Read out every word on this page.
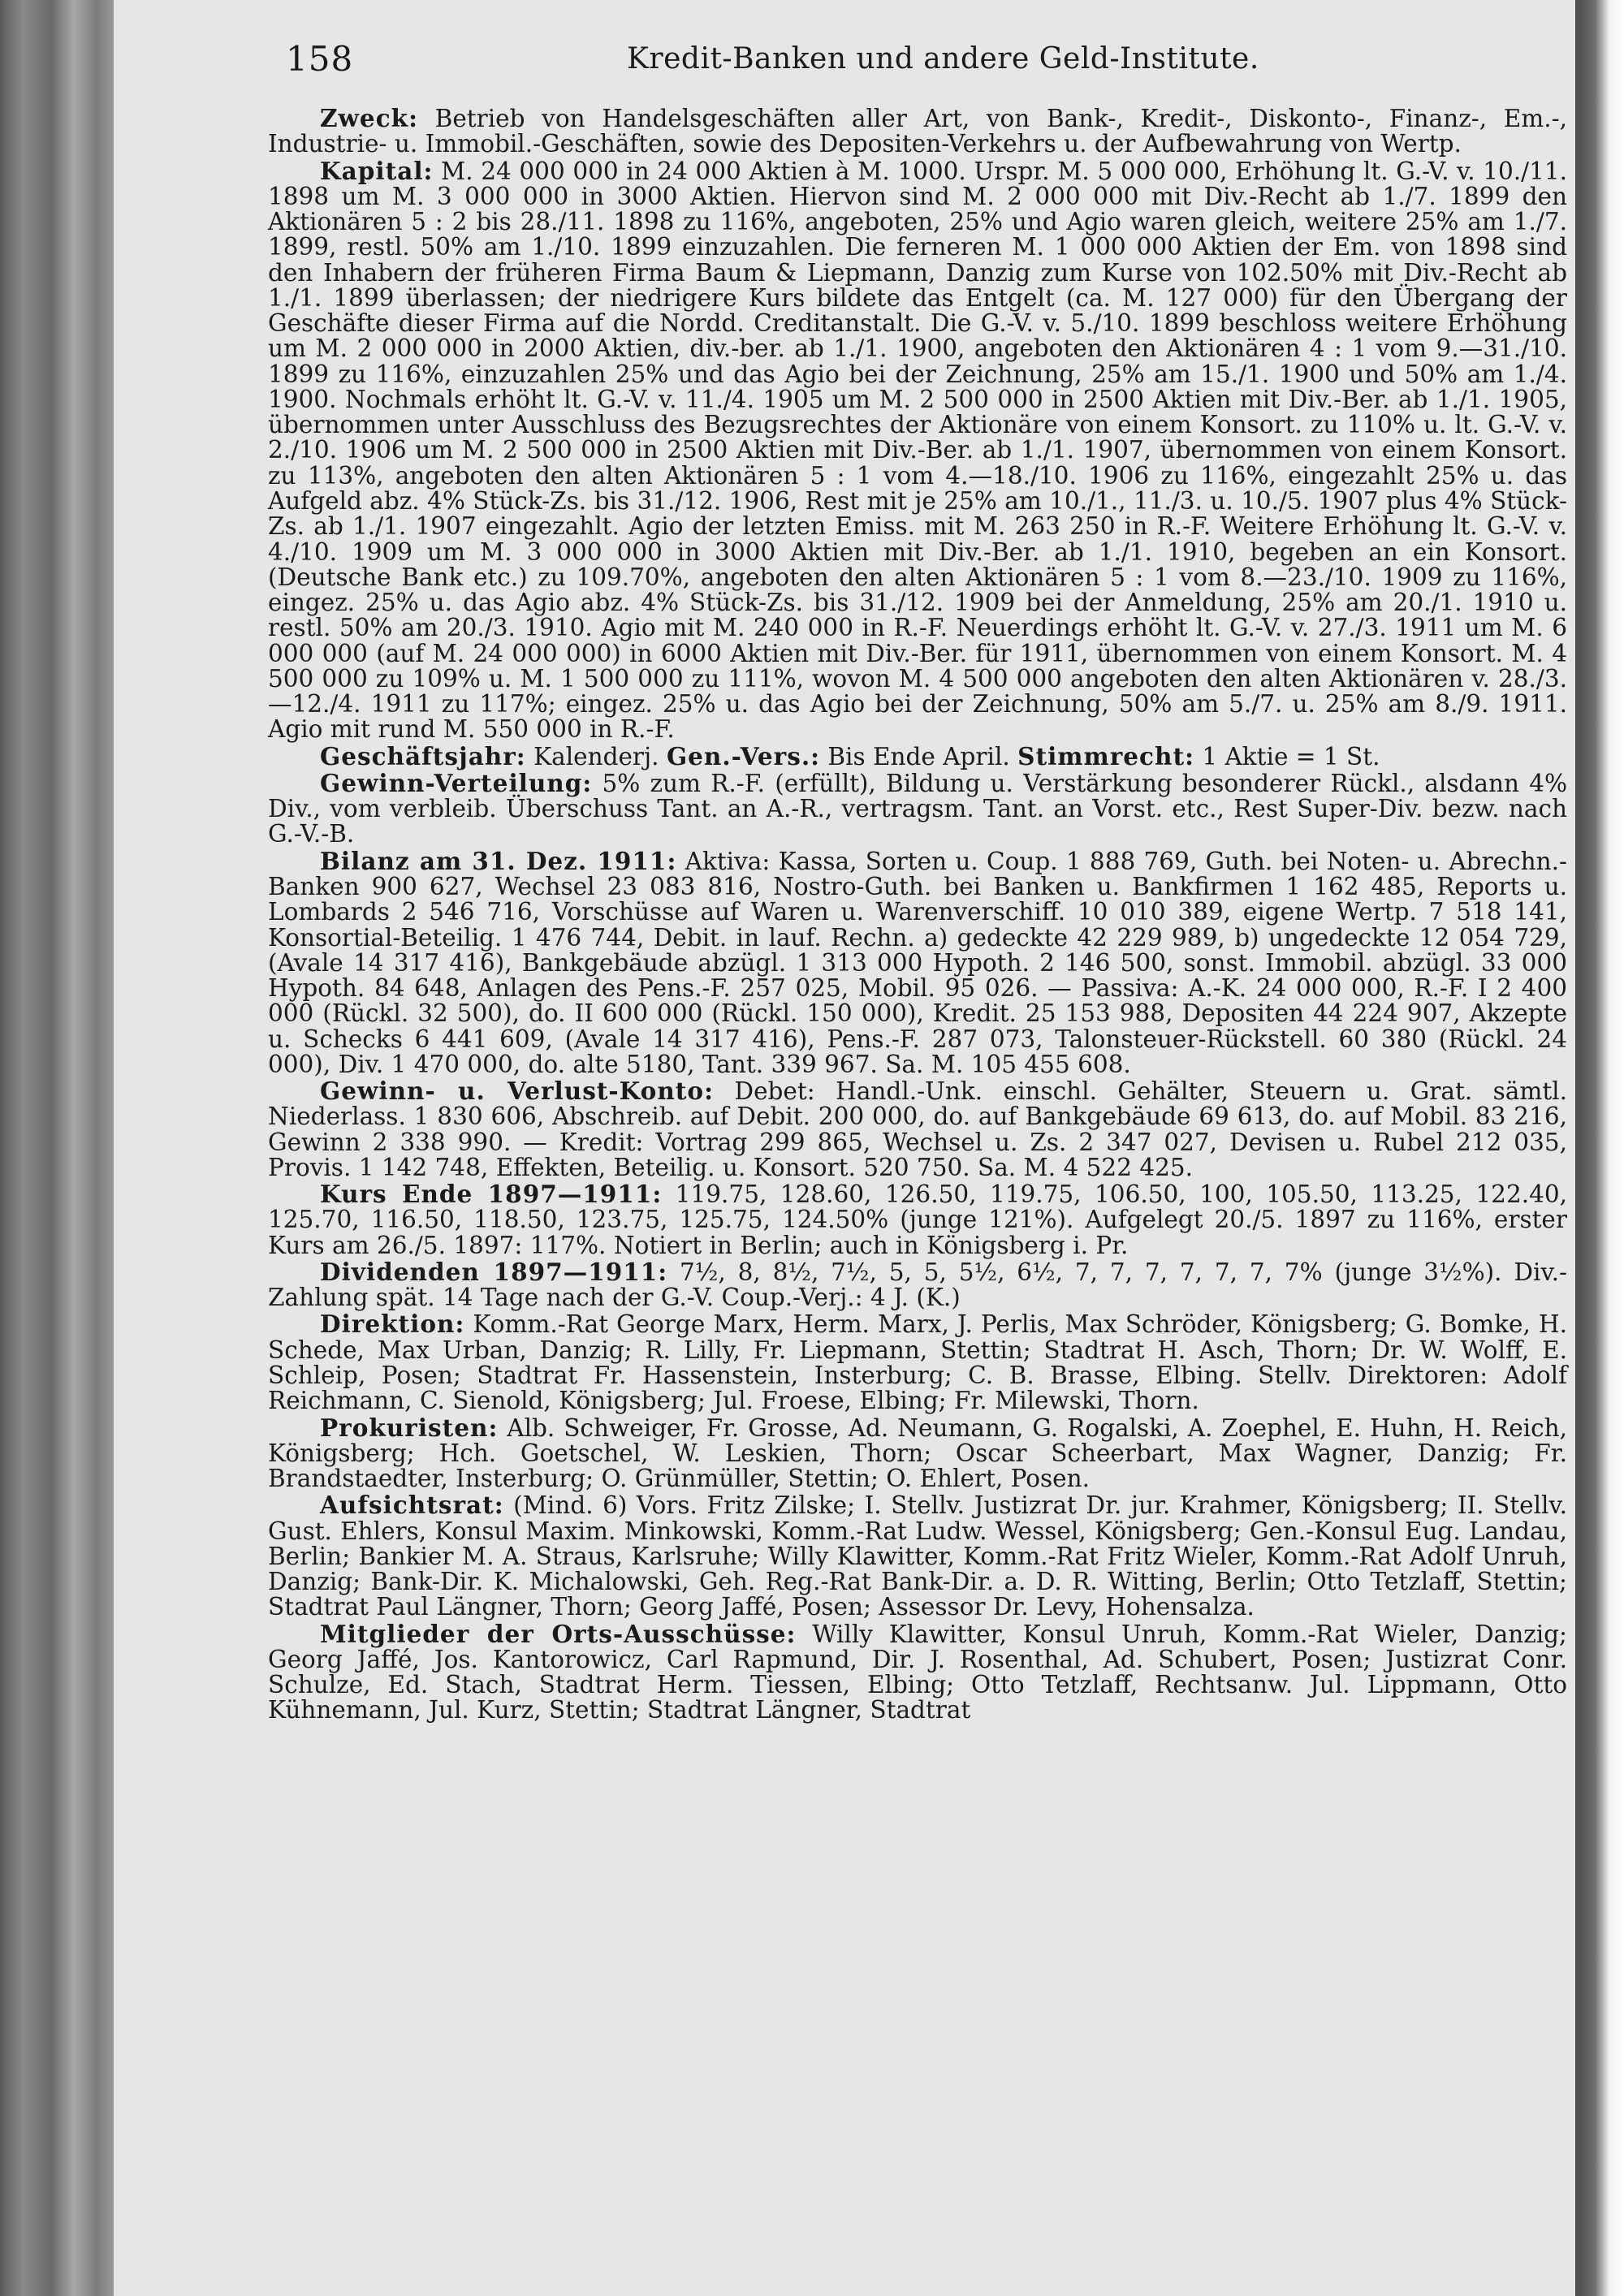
158	Kredit-Banken und andere Geld-Institute.

Zweck: Betrieb von Handelsgeschäften aller Art, von Bank-, Kredit-, Diskonto-, Finanz-, Em.-, Industrie- u. Immobil.-Geschäften, sowie des Depositen-Verkehrs u. der Aufbewahrung von Wertp.

Kapital: M. 24 000 000 in 24 000 Aktien à M. 1000. Urspr. M. 5 000 000, Erhöhung lt. G.-V. v. 10./11. 1898 um M. 3 000 000 in 3000 Aktien. Hiervon sind M. 2 000 000 mit Div.-Recht ab 1./7. 1899 den Aktionären 5 : 2 bis 28./11. 1898 zu 116%, angeboten, 25% und Agio waren gleich, weitere 25% am 1./7. 1899, restl. 50% am 1./10. 1899 einzuzahlen. Die ferneren M. 1 000 000 Aktien der Em. von 1898 sind den Inhabern der früheren Firma Baum & Liepmann, Danzig zum Kurse von 102.50% mit Div.-Recht ab 1./1. 1899 überlassen; der niedrigere Kurs bildete das Entgelt (ca. M. 127 000) für den Übergang der Geschäfte dieser Firma auf die Nordd. Creditanstalt. Die G.-V. v. 5./10. 1899 beschloss weitere Erhöhung um M. 2 000 000 in 2000 Aktien, div.-ber. ab 1./1. 1900, angeboten den Aktionären 4 : 1 vom 9.—31./10. 1899 zu 116%, einzuzahlen 25% und das Agio bei der Zeichnung, 25% am 15./1. 1900 und 50% am 1./4. 1900. Nochmals erhöht lt. G.-V. v. 11./4. 1905 um M. 2 500 000 in 2500 Aktien mit Div.-Ber. ab 1./1. 1905, übernommen unter Ausschluss des Bezugsrechtes der Aktionäre von einem Konsort. zu 110% u. lt. G.-V. v. 2./10. 1906 um M. 2 500 000 in 2500 Aktien mit Div.-Ber. ab 1./1. 1907, übernommen von einem Konsort. zu 113%, angeboten den alten Aktionären 5 : 1 vom 4.—18./10. 1906 zu 116%, eingezahlt 25% u. das Aufgeld abz. 4% Stück-Zs. bis 31./12. 1906, Rest mit je 25% am 10./1., 11./3. u. 10./5. 1907 plus 4% Stück-Zs. ab 1./1. 1907 eingezahlt. Agio der letzten Emiss. mit M. 263 250 in R.-F. Weitere Erhöhung lt. G.-V. v. 4./10. 1909 um M. 3 000 000 in 3000 Aktien mit Div.-Ber. ab 1./1. 1910, begeben an ein Konsort. (Deutsche Bank etc.) zu 109.70%, angeboten den alten Aktionären 5 : 1 vom 8.—23./10. 1909 zu 116%, eingez. 25% u. das Agio abz. 4% Stück-Zs. bis 31./12. 1909 bei der Anmeldung, 25% am 20./1. 1910 u. restl. 50% am 20./3. 1910. Agio mit M. 240 000 in R.-F. Neuerdings erhöht lt. G.-V. v. 27./3. 1911 um M. 6 000 000 (auf M. 24 000 000) in 6000 Aktien mit Div.-Ber. für 1911, übernommen von einem Konsort. M. 4 500 000 zu 109% u. M. 1 500 000 zu 111%, wovon M. 4 500 000 angeboten den alten Aktionären v. 28./3.—12./4. 1911 zu 117%; eingez. 25% u. das Agio bei der Zeichnung, 50% am 5./7. u. 25% am 8./9. 1911. Agio mit rund M. 550 000 in R.-F.

Geschäftsjahr: Kalenderj. Gen.-Vers.: Bis Ende April. Stimmrecht: 1 Aktie = 1 St.

Gewinn-Verteilung: 5% zum R.-F. (erfüllt), Bildung u. Verstärkung besonderer Rückl., alsdann 4% Div., vom verbleib. Überschuss Tant. an A.-R., vertragsm. Tant. an Vorst. etc., Rest Super-Div. bezw. nach G.-V.-B.

Bilanz am 31. Dez. 1911: Aktiva: Kassa, Sorten u. Coup. 1 888 769, Guth. bei Noten- u. Abrechn.-Banken 900 627, Wechsel 23 083 816, Nostro-Guth. bei Banken u. Bankfirmen 1 162 485, Reports u. Lombards 2 546 716, Vorschüsse auf Waren u. Warenverschiff. 10 010 389, eigene Wertp. 7 518 141, Konsortial-Beteilig. 1 476 744, Debit. in lauf. Rechn. a) gedeckte 42 229 989, b) ungedeckte 12 054 729, (Avale 14 317 416), Bankgebäude abzügl. 1 313 000 Hypoth. 2 146 500, sonst. Immobil. abzügl. 33 000 Hypoth. 84 648, Anlagen des Pens.-F. 257 025, Mobil. 95 026. — Passiva: A.-K. 24 000 000, R.-F. I 2 400 000 (Rückl. 32 500), do. II 600 000 (Rückl. 150 000), Kredit. 25 153 988, Depositen 44 224 907, Akzepte u. Schecks 6 441 609, (Avale 14 317 416), Pens.-F. 287 073, Talonsteuer-Rückstell. 60 380 (Rückl. 24 000), Div. 1 470 000, do. alte 5180, Tant. 339 967. Sa. M. 105 455 608.

Gewinn- u. Verlust-Konto: Debet: Handl.-Unk. einschl. Gehälter, Steuern u. Grat. sämtl. Niederlass. 1 830 606, Abschreib. auf Debit. 200 000, do. auf Bankgebäude 69 613, do. auf Mobil. 83 216, Gewinn 2 338 990. — Kredit: Vortrag 299 865, Wechsel u. Zs. 2 347 027, Devisen u. Rubel 212 035, Provis. 1 142 748, Effekten, Beteilig. u. Konsort. 520 750. Sa. M. 4 522 425.

Kurs Ende 1897—1911: 119.75, 128.60, 126.50, 119.75, 106.50, 100, 105.50, 113.25, 122.40, 125.70, 116.50, 118.50, 123.75, 125.75, 124.50% (junge 121%). Aufgelegt 20./5. 1897 zu 116%, erster Kurs am 26./5. 1897: 117%. Notiert in Berlin; auch in Königsberg i. Pr.

Dividenden 1897—1911: 7½, 8, 8½, 7½, 5, 5, 5½, 6½, 7, 7, 7, 7, 7, 7, 7% (junge 3½%). Div.-Zahlung spät. 14 Tage nach der G.-V. Coup.-Verj.: 4 J. (K.)

Direktion: Komm.-Rat George Marx, Herm. Marx, J. Perlis, Max Schröder, Königsberg; G. Bomke, H. Schede, Max Urban, Danzig; R. Lilly, Fr. Liepmann, Stettin; Stadtrat H. Asch, Thorn; Dr. W. Wolff, E. Schleip, Posen; Stadtrat Fr. Hassenstein, Insterburg; C. B. Brasse, Elbing. Stellv. Direktoren: Adolf Reichmann, C. Sienold, Königsberg; Jul. Froese, Elbing; Fr. Milewski, Thorn.

Prokuristen: Alb. Schweiger, Fr. Grosse, Ad. Neumann, G. Rogalski, A. Zoephel, E. Huhn, H. Reich, Königsberg; Hch. Goetschel, W. Leskien, Thorn; Oscar Scheerbart, Max Wagner, Danzig; Fr. Brandstaedter, Insterburg; O. Grünmüller, Stettin; O. Ehlert, Posen.

Aufsichtsrat: (Mind. 6) Vors. Fritz Zilske; I. Stellv. Justizrat Dr. jur. Krahmer, Königsberg; II. Stellv. Gust. Ehlers, Konsul Maxim. Minkowski, Komm.-Rat Ludw. Wessel, Königsberg; Gen.-Konsul Eug. Landau, Berlin; Bankier M. A. Straus, Karlsruhe; Willy Klawitter, Komm.-Rat Fritz Wieler, Komm.-Rat Adolf Unruh, Danzig; Bank-Dir. K. Michalowski, Geh. Reg.-Rat Bank-Dir. a. D. R. Witting, Berlin; Otto Tetzlaff, Stettin; Stadtrat Paul Längner, Thorn; Georg Jaffé, Posen; Assessor Dr. Levy, Hohensalza.

Mitglieder der Orts-Ausschüsse: Willy Klawitter, Konsul Unruh, Komm.-Rat Wieler, Danzig; Georg Jaffé, Jos. Kantorowicz, Carl Rapmund, Dir. J. Rosenthal, Ad. Schubert, Posen; Justizrat Conr. Schulze, Ed. Stach, Stadtrat Herm. Tiessen, Elbing; Otto Tetzlaff, Rechtsanw. Jul. Lippmann, Otto Kühnemann, Jul. Kurz, Stettin; Stadtrat Längner, Stadtrat
